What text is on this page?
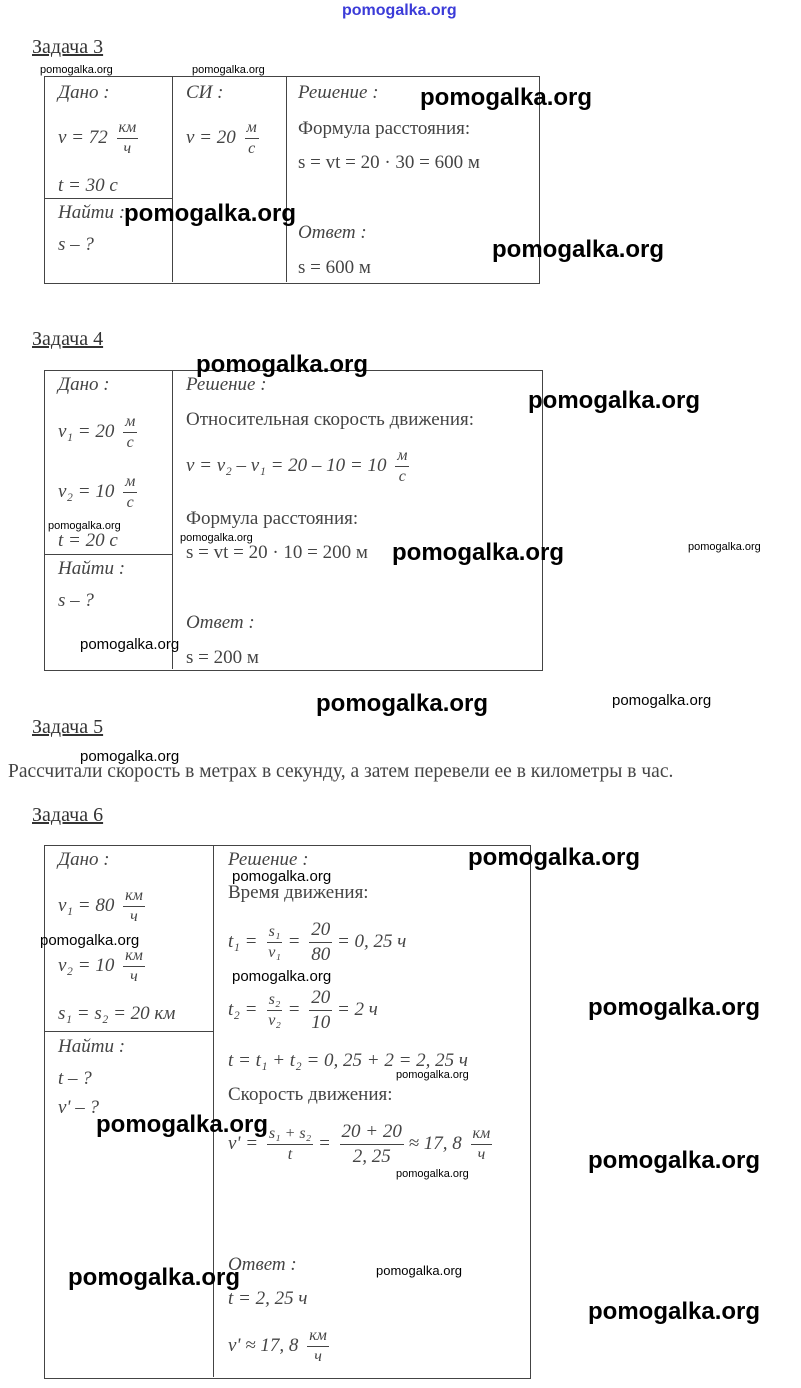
pomogalka.org
Задача 3
Дано :
$v = 72 \frac{км}{ч}$
t = 30 с
Найти :
s – ?
СИ :
$v = 20 \frac{м}{с}$
Решение :
Формула расстояния:
s = vt = 20 · 30 = 600 м
Ответ :
s = 600 м
pomogalka.org	pomogalka.org
pomogalka.org
pomogalka.org
pomogalka.org
Задача 4
Дано :
$v_1 = 20 \frac{м}{с}$
$v_2 = 10 \frac{м}{с}$
t = 20 с
Найти :
s – ?
Решение :
Относительная скорость движения:
$v = v_2 - v_1 = 20 - 10 = 10 \frac{м}{с}$
Формула расстояния:
s = vt = 20 · 10 = 200 м
Ответ :
s = 200 м
pomogalka.org
pomogalka.org
pomogalka.org
pomogalka.org
pomogalka.org	pomogalka.org
pomogalka.org
pomogalka.org	pomogalka.org
Задача 5
pomogalka.org
Рассчитали скорость в метрах в секунду, а затем перевели ее в километры в час.
Задача 6
Дано :
$v_1 = 80 \frac{км}{ч}$
$v_2 = 10 \frac{км}{ч}$
s₁ = s₂ = 20 км
Найти :
t – ?
v' – ?
Решение :
Время движения:
$t_1 = \frac{\text{s₁}}{\text{v₁}} = \frac{20}{80} = 0$, 25 ч
$t_2 = \frac{\text{s₂}}{\text{v₂}} = \frac{20}{10} = 2$ ч
t = t₁ + t₂ = 0, 25 + 2 = 2, 25 ч
Скорость движения:
$v' = \frac{\text{s₁ + s₂}}{t} = \frac{20 + 20}{2, 25} \approx 17$, $8 \frac{км}{ч}$
Ответ :
t = 2, 25 ч
v' ≈ 17, $8 \frac{км}{ч}$
pomogalka.org
pomogalka.org
pomogalka.org
pomogalka.org
pomogalka.org
pomogalka.org
pomogalka.org
pomogalka.org
pomogalka.org
pomogalka.org	pomogalka.org
pomogalka.org
